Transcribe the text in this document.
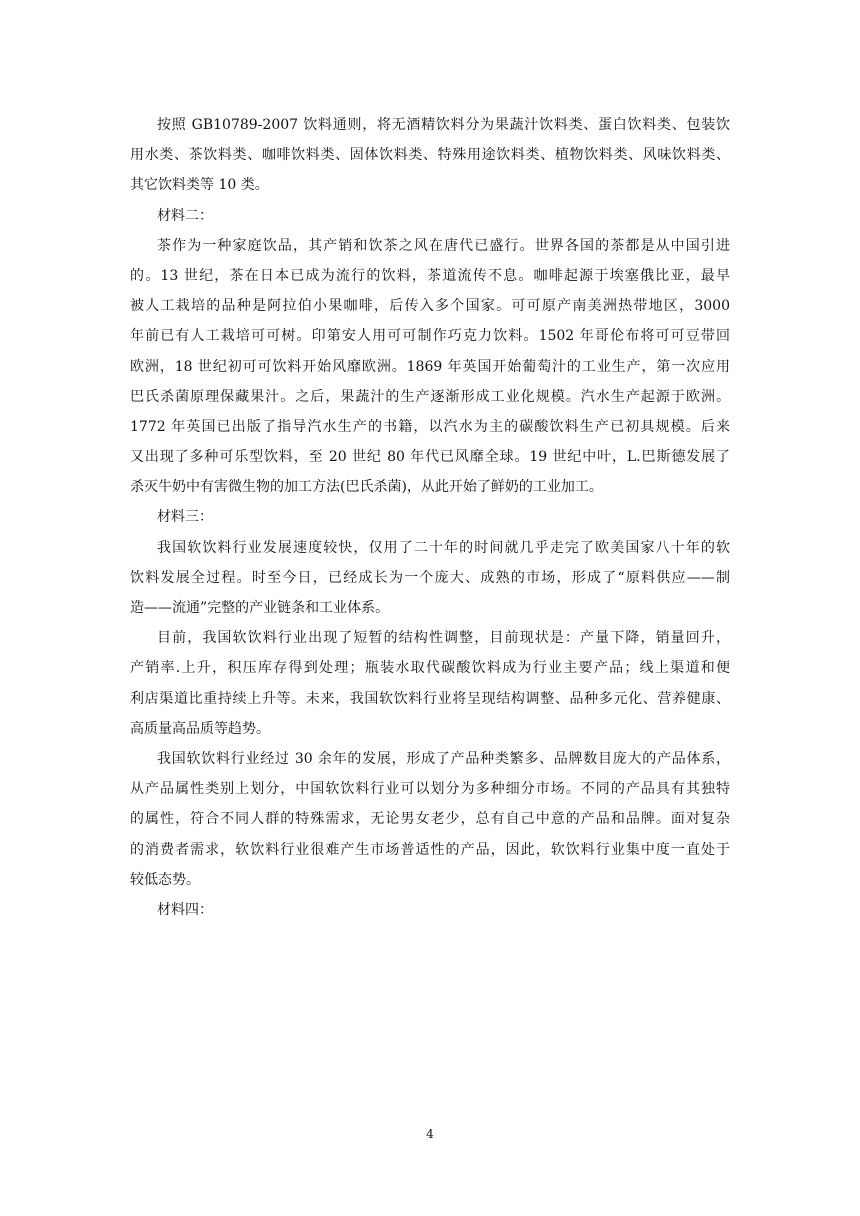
按照 GB10789-2007 饮料通则，将无酒精饮料分为果蔬汁饮料类、蛋白饮料类、包装饮
用水类、茶饮料类、咖啡饮料类、固体饮料类、特殊用途饮料类、植物饮料类、风味饮料类、
其它饮料类等 10 类。
材料二：
茶作为一种家庭饮品，其产销和饮茶之风在唐代已盛行。世界各国的茶都是从中国引进
的。13 世纪，茶在日本已成为流行的饮料，茶道流传不息。咖啡起源于埃塞俄比亚，最早
被人工栽培的品种是阿拉伯小果咖啡，后传入多个国家。可可原产南美洲热带地区，3000
年前已有人工栽培可可树。印第安人用可可制作巧克力饮料。1502 年哥伦布将可可豆带回
欧洲，18 世纪初可可饮料开始风靡欧洲。1869 年英国开始葡萄汁的工业生产，第一次应用
巴氏杀菌原理保藏果汁。之后，果蔬汁的生产逐渐形成工业化规模。汽水生产起源于欧洲。
1772 年英国已出版了指导汽水生产的书籍，以汽水为主的碳酸饮料生产已初具规模。后来
又出现了多种可乐型饮料，至 20 世纪 80 年代已风靡全球。19 世纪中叶，L.巴斯德发展了
杀灭牛奶中有害微生物的加工方法(巴氏杀菌)，从此开始了鲜奶的工业加工。
材料三：
我国软饮料行业发展速度较快，仅用了二十年的时间就几乎走完了欧美国家八十年的软
饮料发展全过程。时至今日，已经成长为一个庞大、成熟的市场，形成了“原料供应——制
造——流通”完整的产业链条和工业体系。
目前，我国软饮料行业出现了短暂的结构性调整，目前现状是：产量下降，销量回升，
产销率.上升，积压库存得到处理；瓶装水取代碳酸饮料成为行业主要产品；线上渠道和便
利店渠道比重持续上升等。未来，我国软饮料行业将呈现结构调整、品种多元化、营养健康、
高质量高品质等趋势。
我国软饮料行业经过 30 余年的发展，形成了产品种类繁多、品牌数目庞大的产品体系，
从产品属性类别上划分，中国软饮料行业可以划分为多种细分市场。不同的产品具有其独特
的属性，符合不同人群的特殊需求，无论男女老少，总有自己中意的产品和品牌。面对复杂
的消费者需求，软饮料行业很难产生市场普适性的产品，因此，软饮料行业集中度一直处于
较低态势。
材料四：
4
